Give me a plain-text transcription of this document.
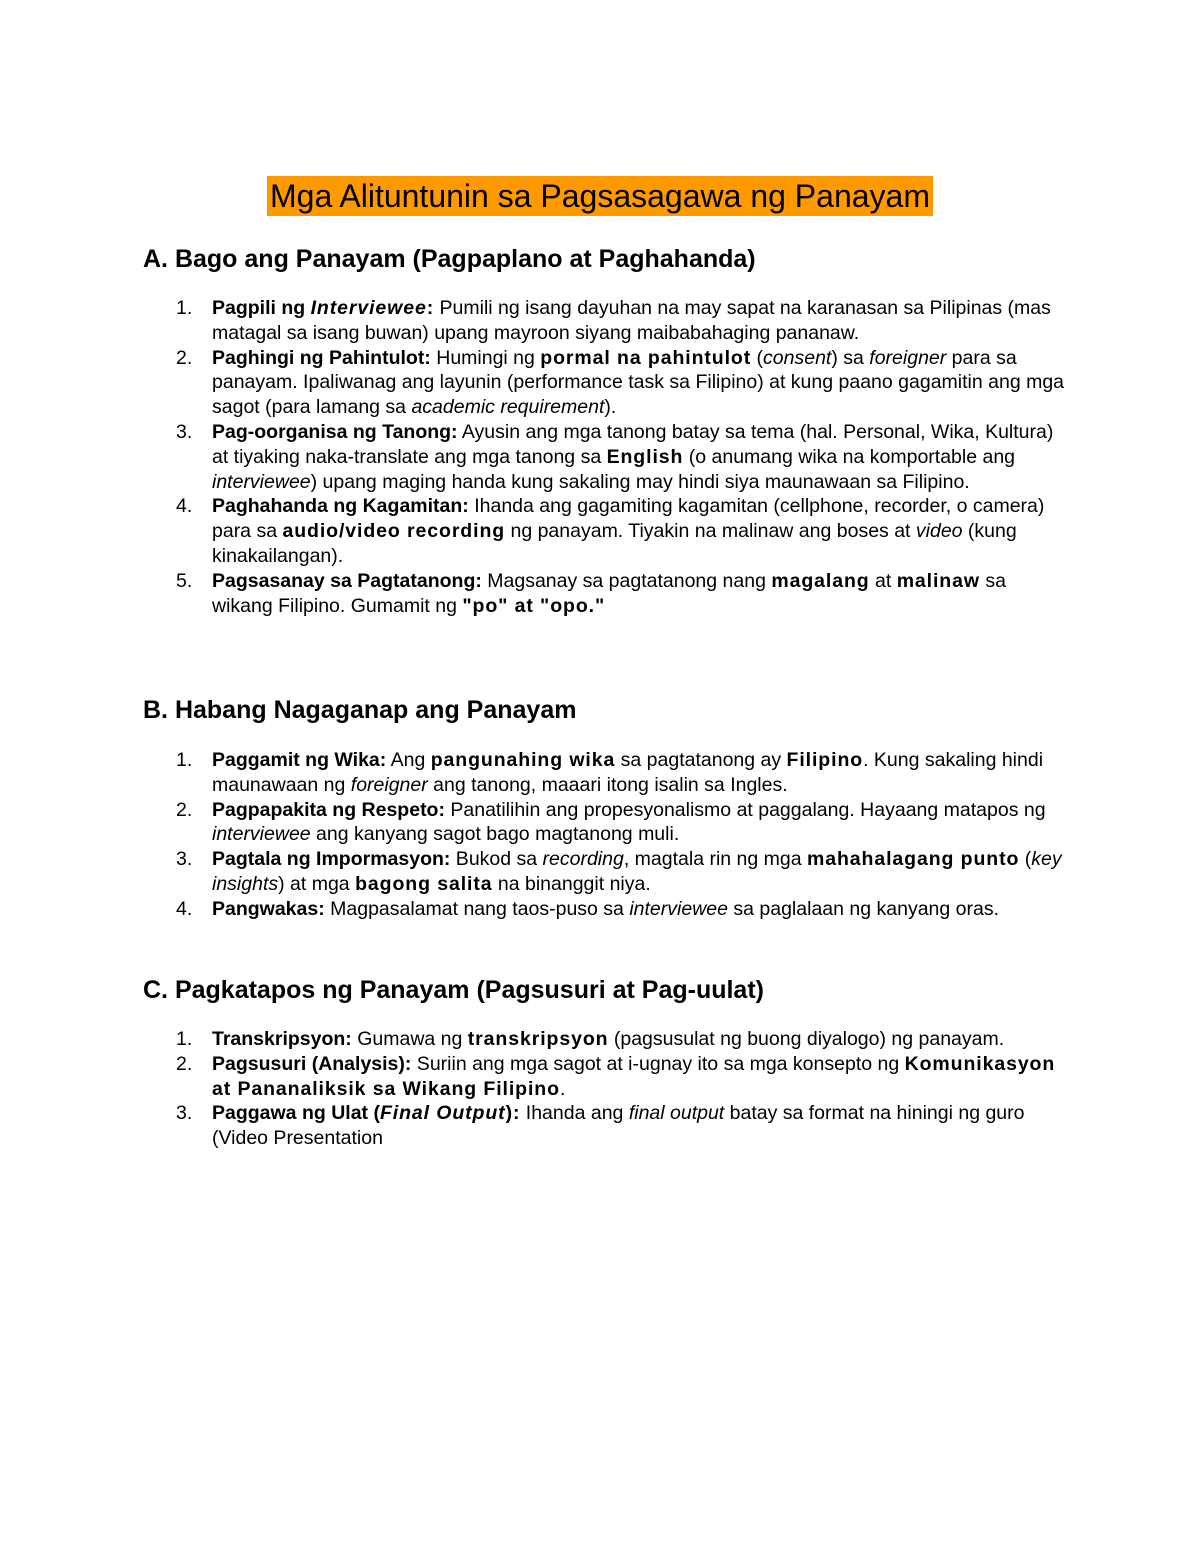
Mga Alituntunin sa Pagsasagawa ng Panayam
A. Bago ang Panayam (Pagpaplano at Paghahanda)
1. Pagpili ng Interviewee: Pumili ng isang dayuhan na may sapat na karanasan sa Pilipinas (mas matagal sa isang buwan) upang mayroon siyang maibabahaging pananaw.
2. Paghingi ng Pahintulot: Humingi ng pormal na pahintulot (consent) sa foreigner para sa panayam. Ipaliwanag ang layunin (performance task sa Filipino) at kung paano gagamitin ang mga sagot (para lamang sa academic requirement).
3. Pag-oorganisa ng Tanong: Ayusin ang mga tanong batay sa tema (hal. Personal, Wika, Kultura) at tiyaking naka-translate ang mga tanong sa English (o anumang wika na komportable ang interviewee) upang maging handa kung sakaling may hindi siya maunawaan sa Filipino.
4. Paghahanda ng Kagamitan: Ihanda ang gagamiting kagamitan (cellphone, recorder, o camera) para sa audio/video recording ng panayam. Tiyakin na malinaw ang boses at video (kung kinakailangan).
5. Pagsasanay sa Pagtatanong: Magsanay sa pagtatanong nang magalang at malinaw sa wikang Filipino. Gumamit ng "po" at "opo."
B. Habang Nagaganap ang Panayam
1. Paggamit ng Wika: Ang pangunahing wika sa pagtatanong ay Filipino. Kung sakaling hindi maunawaan ng foreigner ang tanong, maaari itong isalin sa Ingles.
2. Pagpapakita ng Respeto: Panatilihin ang propesyonalismo at paggalang. Hayaang matapos ng interviewee ang kanyang sagot bago magtanong muli.
3. Pagtala ng Impormasyon: Bukod sa recording, magtala rin ng mga mahahalagang punto (key insights) at mga bagong salita na binanggit niya.
4. Pangwakas: Magpasalamat nang taos-puso sa interviewee sa paglalaan ng kanyang oras.
C. Pagkatapos ng Panayam (Pagsusuri at Pag-uulat)
1. Transkripsyon: Gumawa ng transkripsyon (pagsusulat ng buong diyalogo) ng panayam.
2. Pagsusuri (Analysis): Suriin ang mga sagot at i-ugnay ito sa mga konsepto ng Komunikasyon at Pananaliksik sa Wikang Filipino.
3. Paggawa ng Ulat (Final Output): Ihanda ang final output batay sa format na hiningi ng guro (Video Presentation
